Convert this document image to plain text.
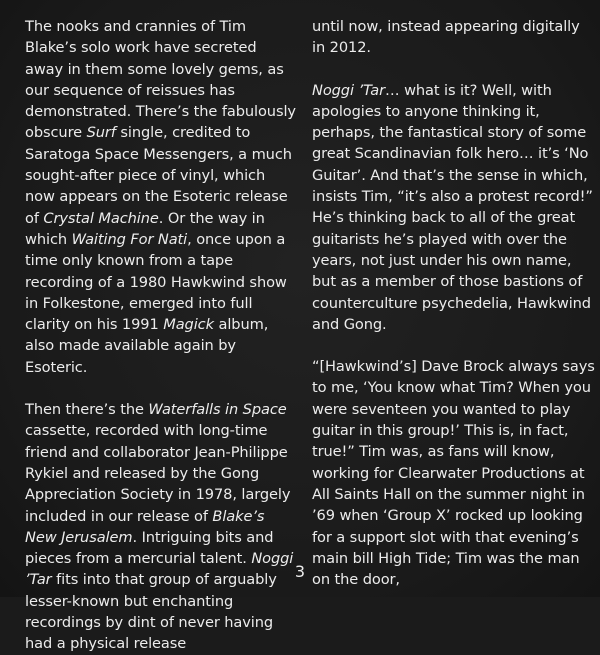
The nooks and crannies of Tim Blake’s solo work have secreted away in them some lovely gems, as our sequence of reissues has demonstrated. There’s the fabulously obscure Surf single, credited to Saratoga Space Messengers, a much sought-after piece of vinyl, which now appears on the Esoteric release of Crystal Machine. Or the way in which Waiting For Nati, once upon a time only known from a tape recording of a 1980 Hawkwind show in Folkestone, emerged into full clarity on his 1991 Magick album, also made available again by Esoteric.

Then there’s the Waterfalls in Space cassette, recorded with long-time friend and collaborator Jean-Philippe Rykiel and released by the Gong Appreciation Society in 1978, largely included in our release of Blake’s New Jerusalem. Intriguing bits and pieces from a mercurial talent. Noggi ’Tar fits into that group of arguably lesser-known but enchanting recordings by dint of never having had a physical release

until now, instead appearing digitally in 2012.

Noggi ’Tar… what is it? Well, with apologies to anyone thinking it, perhaps, the fantastical story of some great Scandinavian folk hero… it’s ‘No Guitar’. And that’s the sense in which, insists Tim, “it’s also a protest record!” He’s thinking back to all of the great guitarists he’s played with over the years, not just under his own name, but as a member of those bastions of counterculture psychedelia, Hawkwind and Gong.

“[Hawkwind’s] Dave Brock always says to me, ‘You know what Tim? When you were seventeen you wanted to play guitar in this group!’ This is, in fact, true!” Tim was, as fans will know, working for Clearwater Productions at All Saints Hall on the summer night in ’69 when ‘Group X’ rocked up looking for a support slot with that evening’s main bill High Tide; Tim was the man on the door,

3
